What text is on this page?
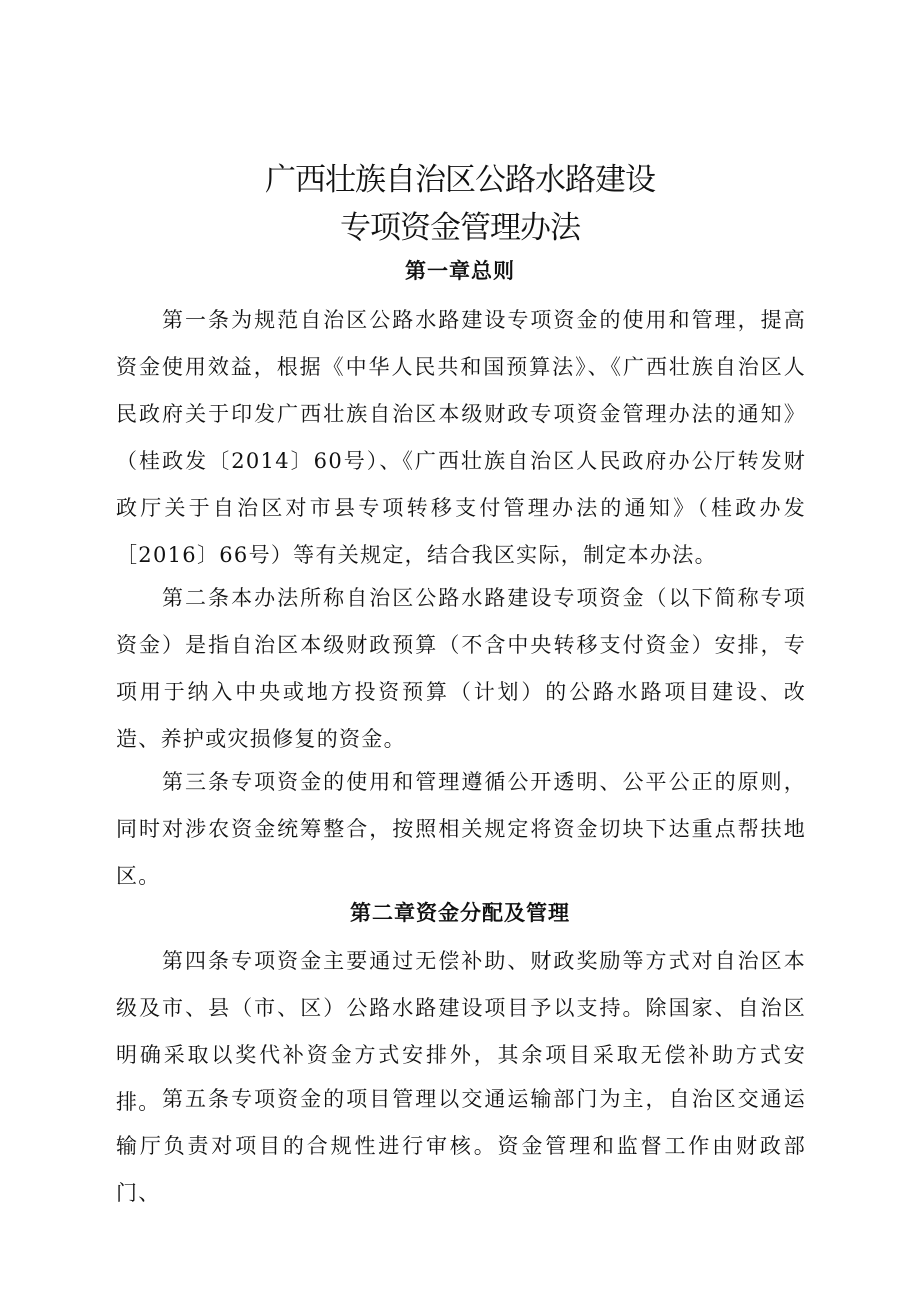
广西壮族自治区公路水路建设
专项资金管理办法
第一章总则

第一条为规范自治区公路水路建设专项资金的使用和管理，提高资金使用效益，根据《中华人民共和国预算法》、《广西壮族自治区人民政府关于印发广西壮族自治区本级财政专项资金管理办法的通知》（桂政发〔2014〕60号）、《广西壮族自治区人民政府办公厅转发财政厅关于自治区对市县专项转移支付管理办法的通知》（桂政办发［2016〕66号）等有关规定，结合我区实际，制定本办法。

第二条本办法所称自治区公路水路建设专项资金（以下简称专项资金）是指自治区本级财政预算（不含中央转移支付资金）安排，专项用于纳入中央或地方投资预算（计划）的公路水路项目建设、改造、养护或灾损修复的资金。

第三条专项资金的使用和管理遵循公开透明、公平公正的原则，同时对涉农资金统筹整合，按照相关规定将资金切块下达重点帮扶地区。

第二章资金分配及管理

第四条专项资金主要通过无偿补助、财政奖励等方式对自治区本级及市、县（市、区）公路水路建设项目予以支持。除国家、自治区明确采取以奖代补资金方式安排外，其余项目采取无偿补助方式安排。 第五条专项资金的项目管理以交通运输部门为主，自治区交通运输厅负责对项目的合规性进行审核。资金管理和监督工作由财政部门、
